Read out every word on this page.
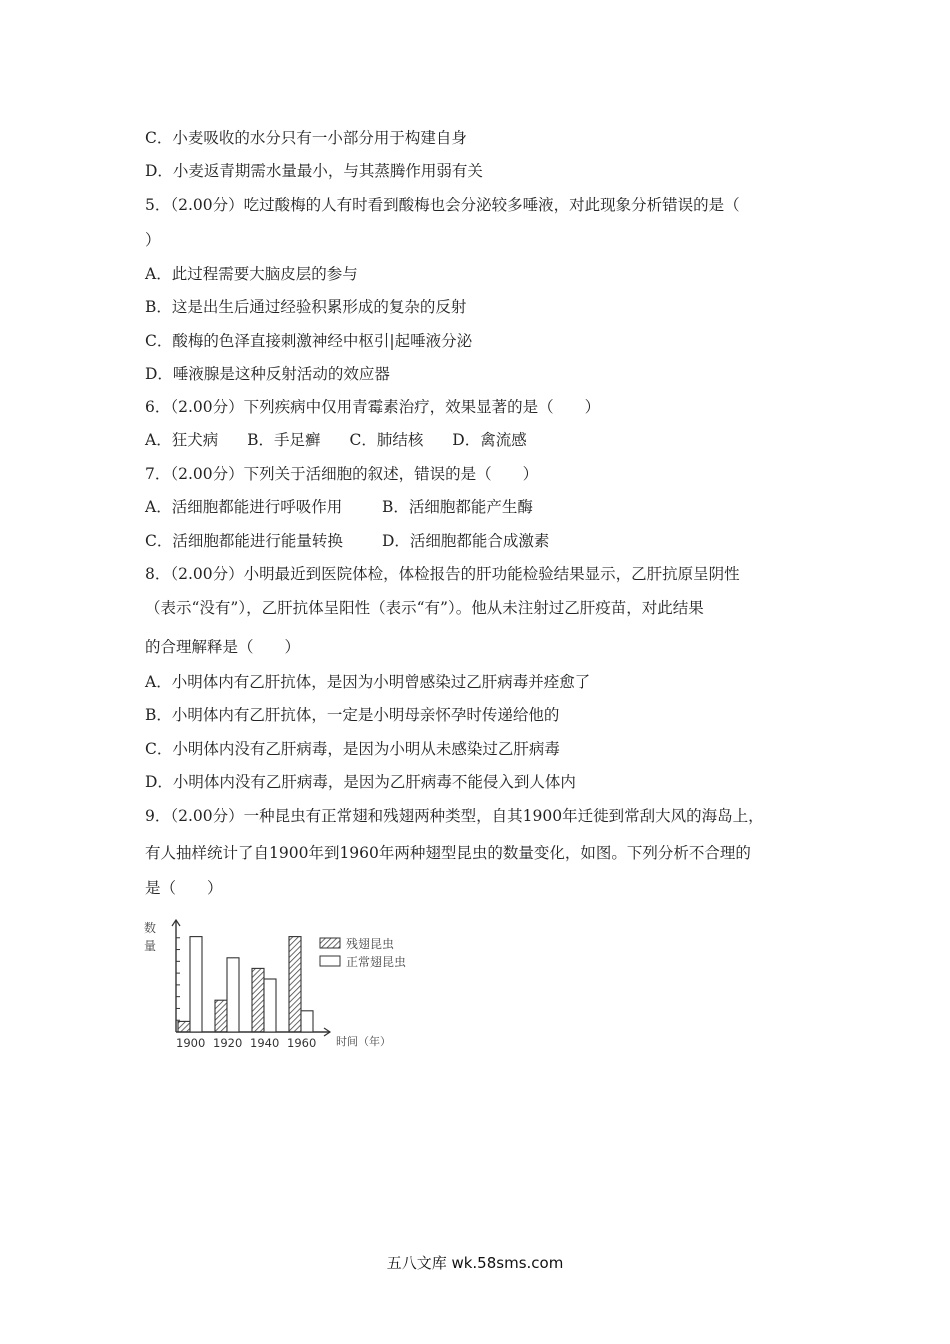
C．小麦吸收的水分只有一小部分用于构建自身
D．小麦返青期需水量最小，与其蒸腾作用弱有关
5．（2.00分）吃过酸梅的人有时看到酸梅也会分泌较多唾液，对此现象分析错误的是（
）
A．此过程需要大脑皮层的参与
B．这是出生后通过经验积累形成的复杂的反射
C．酸梅的色泽直接刺激神经中枢引|起唾液分泌
D．唾液腺是这种反射活动的效应器
6．（2.00分）下列疾病中仅用青霉素治疗，效果显著的是（　　）
A．狂犬病 B．手足癣 C．肺结核 D．禽流感
7．（2.00分）下列关于活细胞的叙述，错误的是（　　）
A．活细胞都能进行呼吸作用	B．活细胞都能产生酶
C．活细胞都能进行能量转换	D．活细胞都能合成激素
8．（2.00分）小明最近到医院体检，体检报告的肝功能检验结果显示，乙肝抗原呈阴性
（表示“没有”），乙肝抗体呈阳性（表示“有”）。他从未注射过乙肝疫苗，对此结果
的合理解释是（　　）
A．小明体内有乙肝抗体，是因为小明曾感染过乙肝病毒并痊愈了
B．小明体内有乙肝抗体，一定是小明母亲怀孕时传递给他的
C．小明体内没有乙肝病毒，是因为小明从未感染过乙肝病毒
D．小明体内没有乙肝病毒，是因为乙肝病毒不能侵入到人体内
9．（2.00分）一种昆虫有正常翅和残翅两种类型，自其1900年迁徙到常刮大风的海岛上，
有人抽样统计了自1900年到1960年两种翅型昆虫的数量变化，如图。下列分析不合理的
是（　　）
1900 1920 1940 1960
残翅昆虫
正常翅昆虫
数
量
时间（年）
五八文库 wk.58sms.com
